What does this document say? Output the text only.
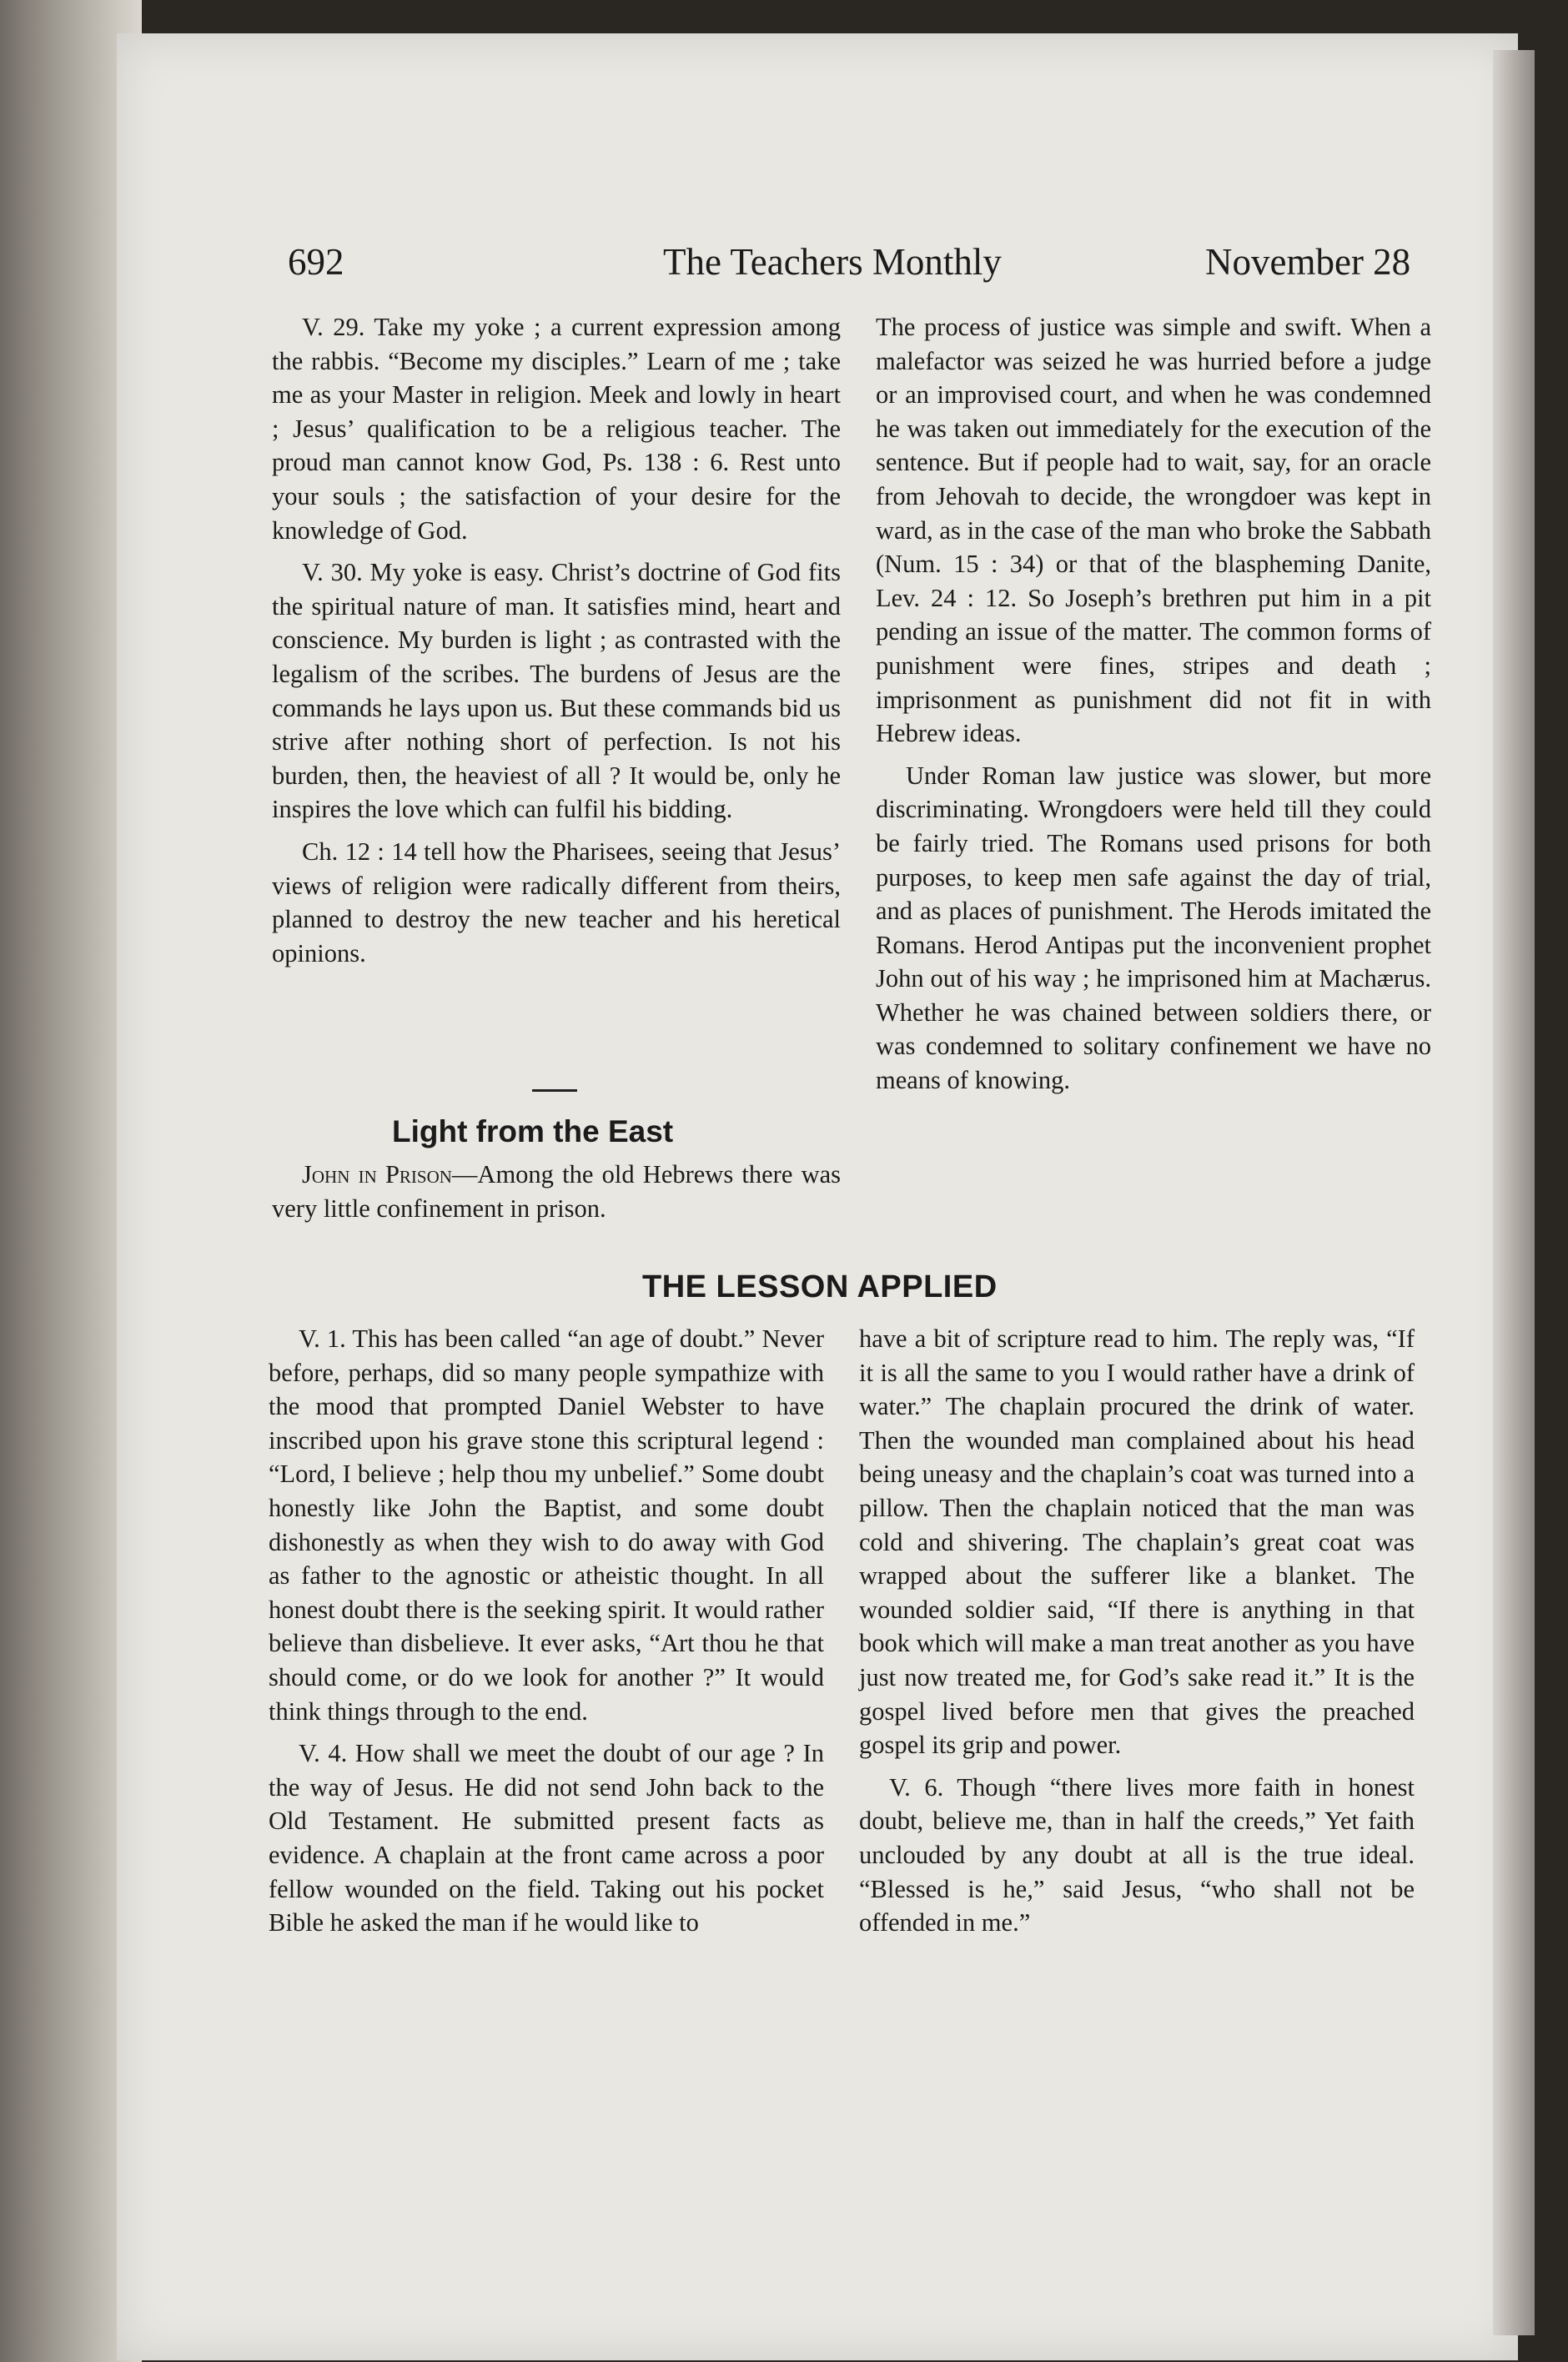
692	The Teachers Monthly	November 28

V. 29. Take my yoke ; a current expression among the rabbis. “Become my disciples.” Learn of me ; take me as your Master in religion. Meek and lowly in heart ; Jesus’ qualification to be a religious teacher. The proud man cannot know God, Ps. 138 : 6. Rest unto your souls ; the satisfaction of your desire for the knowledge of God.

V. 30. My yoke is easy. Christ’s doctrine of God fits the spiritual nature of man. It satisfies mind, heart and conscience. My burden is light ; as contrasted with the legalism of the scribes. The burdens of Jesus are the commands he lays upon us. But these commands bid us strive after nothing short of perfection. Is not his burden, then, the heaviest of all ? It would be, only he inspires the love which can fulfil his bidding.

Ch. 12 : 14 tell how the Pharisees, seeing that Jesus’ views of religion were radically different from theirs, planned to destroy the new teacher and his heretical opinions.

Light from the East

John in Prison—Among the old Hebrews there was very little confinement in prison.

The process of justice was simple and swift. When a malefactor was seized he was hurried before a judge or an improvised court, and when he was condemned he was taken out immediately for the execution of the sentence. But if people had to wait, say, for an oracle from Jehovah to decide, the wrongdoer was kept in ward, as in the case of the man who broke the Sabbath (Num. 15 : 34) or that of the blaspheming Danite, Lev. 24 : 12. So Joseph’s brethren put him in a pit pending an issue of the matter. The common forms of punishment were fines, stripes and death ; imprisonment as punishment did not fit in with Hebrew ideas.

Under Roman law justice was slower, but more discriminating. Wrongdoers were held till they could be fairly tried. The Romans used prisons for both purposes, to keep men safe against the day of trial, and as places of punishment. The Herods imitated the Romans. Herod Antipas put the inconvenient prophet John out of his way ; he imprisoned him at Machærus. Whether he was chained between soldiers there, or was condemned to solitary confinement we have no means of knowing.

THE LESSON APPLIED

V. 1. This has been called “an age of doubt.” Never before, perhaps, did so many people sympathize with the mood that prompted Daniel Webster to have inscribed upon his grave stone this scriptural legend : “Lord, I believe ; help thou my unbelief.” Some doubt honestly like John the Baptist, and some doubt dishonestly as when they wish to do away with God as father to the agnostic or atheistic thought. In all honest doubt there is the seeking spirit. It would rather believe than disbelieve. It ever asks, “Art thou he that should come, or do we look for another ?” It would think things through to the end.

V. 4. How shall we meet the doubt of our age ? In the way of Jesus. He did not send John back to the Old Testament. He submitted present facts as evidence. A chaplain at the front came across a poor fellow wounded on the field. Taking out his pocket Bible he asked the man if he would like to

have a bit of scripture read to him. The reply was, “If it is all the same to you I would rather have a drink of water.” The chaplain procured the drink of water. Then the wounded man complained about his head being uneasy and the chaplain’s coat was turned into a pillow. Then the chaplain noticed that the man was cold and shivering. The chaplain’s great coat was wrapped about the sufferer like a blanket. The wounded soldier said, “If there is anything in that book which will make a man treat another as you have just now treated me, for God’s sake read it.” It is the gospel lived before men that gives the preached gospel its grip and power.

V. 6. Though “there lives more faith in honest doubt, believe me, than in half the creeds,” Yet faith unclouded by any doubt at all is the true ideal. “Blessed is he,” said Jesus, “who shall not be offended in me.”
